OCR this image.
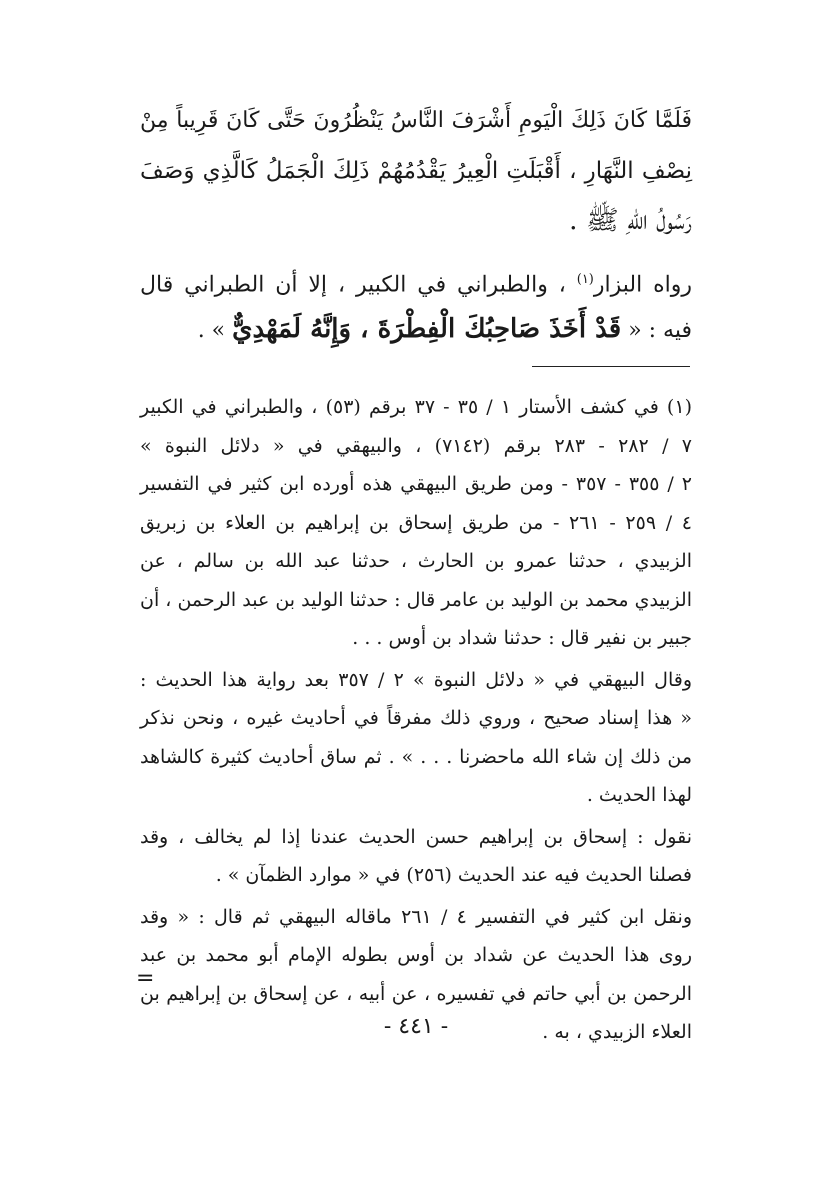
فَلَمَّا كَانَ ذَلِكَ الْيَومِ أَشْرَفَ النَّاسُ يَنْظُرُونَ حَتَّى كَانَ قَرِيباً مِنْ
نِصْفِ النَّهَارِ ، أَقْبَلَتِ الْعِيرُ يَقْدُمُهُمْ ذَلِكَ الْجَمَلُ كَالَّذِي وَصَفَ
رَسُولُ اللهِ ﷺ .
رواه البزار$^{(١)}$ ، والطبراني في الكبير ، إلا أن الطبراني قال
فيه : « قَدْ أَخَذَ صَاحِبُكَ الْفِطْرَةَ ، وَإِنَّهُ لَمَهْدِيٌّ » .
(١) في كشف الأستار ١ / ٣٥ - ٣٧ برقم (٥٣) ، والطبراني في الكبير
٧ / ٢٨٢ - ٢٨٣ برقم (٧١٤٢) ، والبيهقي في « دلائل النبوة »
٢ / ٣٥٥ - ٣٥٧ - ومن طريق البيهقي هذه أورده ابن كثير في التفسير
٤ / ٢٥٩ - ٢٦١ - من طريق إسحاق بن إبراهيم بن العلاء بن زبريق
الزبيدي ، حدثنا عمرو بن الحارث ، حدثنا عبد الله بن سالم ، عن
الزبيدي محمد بن الوليد بن عامر قال : حدثنا الوليد بن عبد الرحمن ، أن
جبير بن نفير قال : حدثنا شداد بن أوس . . .
وقال البيهقي في « دلائل النبوة » ٢ / ٣٥٧ بعد رواية هذا الحديث :
« هذا إسناد صحيح ، وروي ذلك مفرقاً في أحاديث غيره ، ونحن نذكر
من ذلك إن شاء الله ماحضرنا . . . » . ثم ساق أحاديث كثيرة كالشاهد
لهذا الحديث .
نقول : إسحاق بن إبراهيم حسن الحديث عندنا إذا لم يخالف ، وقد
فصلنا الحديث فيه عند الحديث (٢٥٦) في « موارد الظمآن » .
ونقل ابن كثير في التفسير ٤ / ٢٦١ ماقاله البيهقي ثم قال : « وقد
روى هذا الحديث عن شداد بن أوس بطوله الإمام أبو محمد بن عبد
الرحمن بن أبي حاتم في تفسيره ، عن أبيه ، عن إسحاق بن إبراهيم بن
العلاء الزبيدي ، به .
=
- ٤٤١ -
